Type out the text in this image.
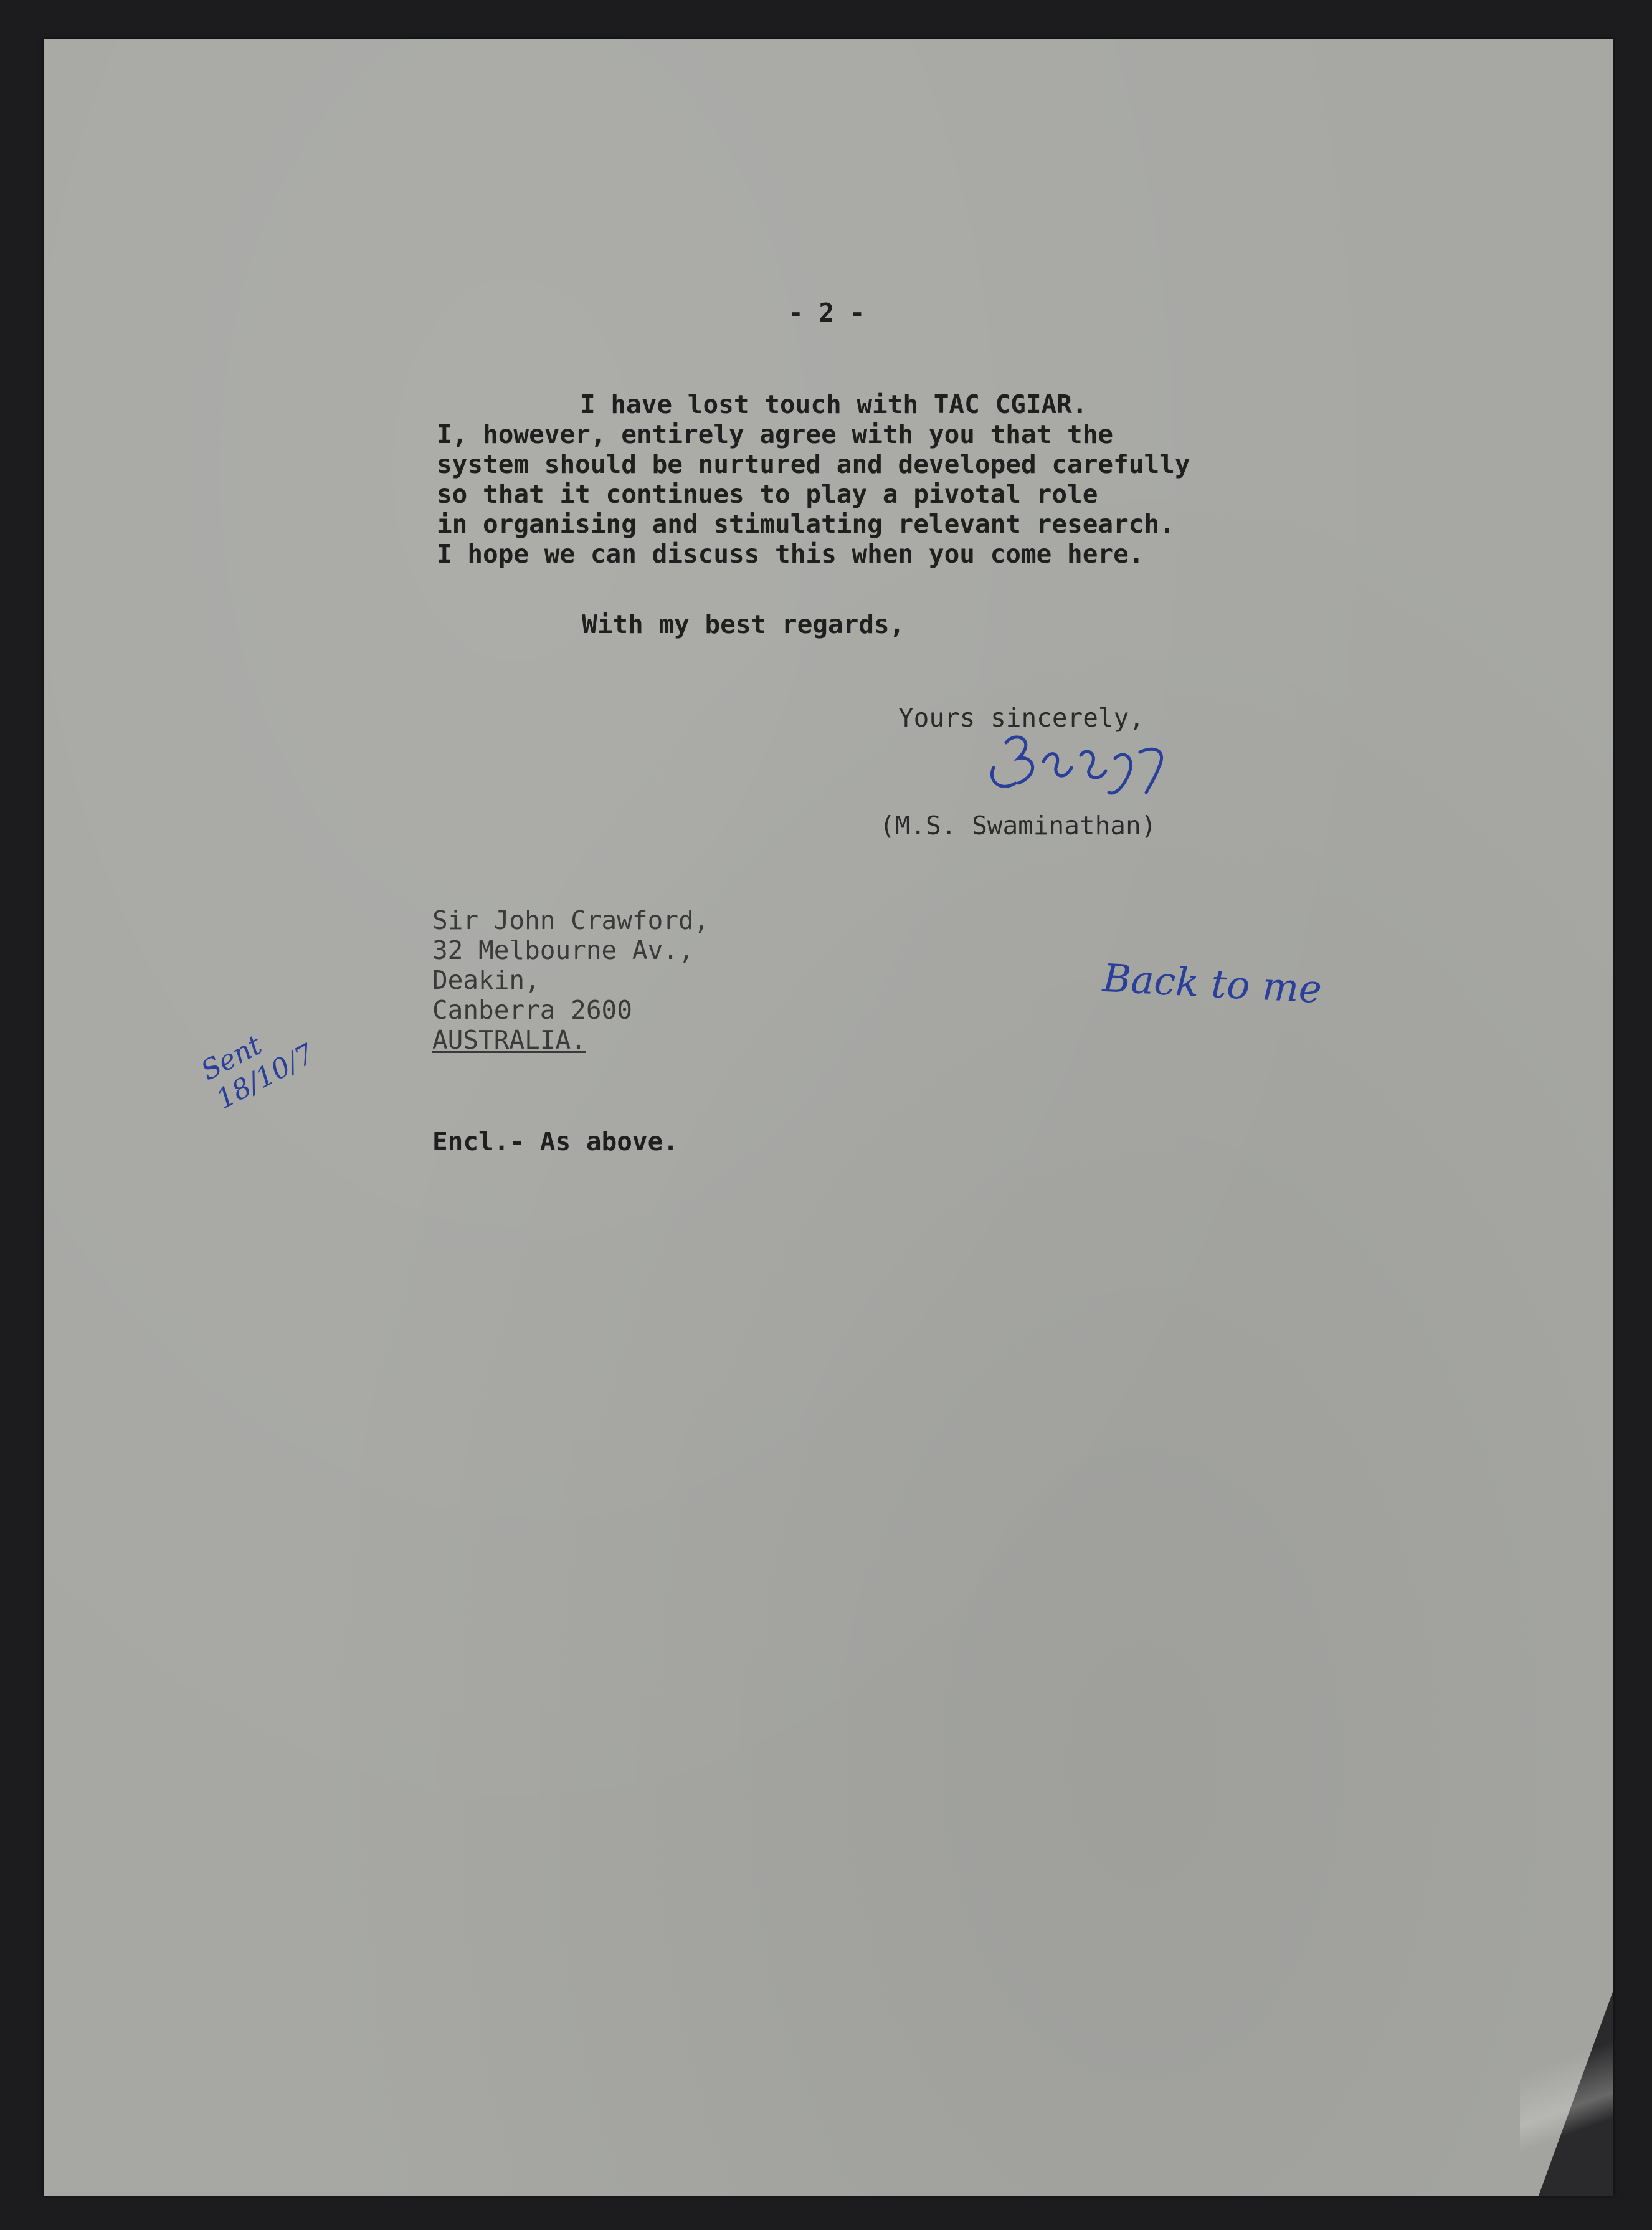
- 2 -
I have lost touch with TAC CGIAR.
I, however, entirely agree with you that the
system should be nurtured and developed carefully
so that it continues to play a pivotal role
in organising and stimulating relevant research.
I hope we can discuss this when you come here.
With my best regards,
Yours sincerely,
(M.S. Swaminathan)
Sir John Crawford,
32 Melbourne Av.,
Deakin,
Canberra 2600
AUSTRALIA.
Encl.- As above.
Back to me
Sent 18/10/7
